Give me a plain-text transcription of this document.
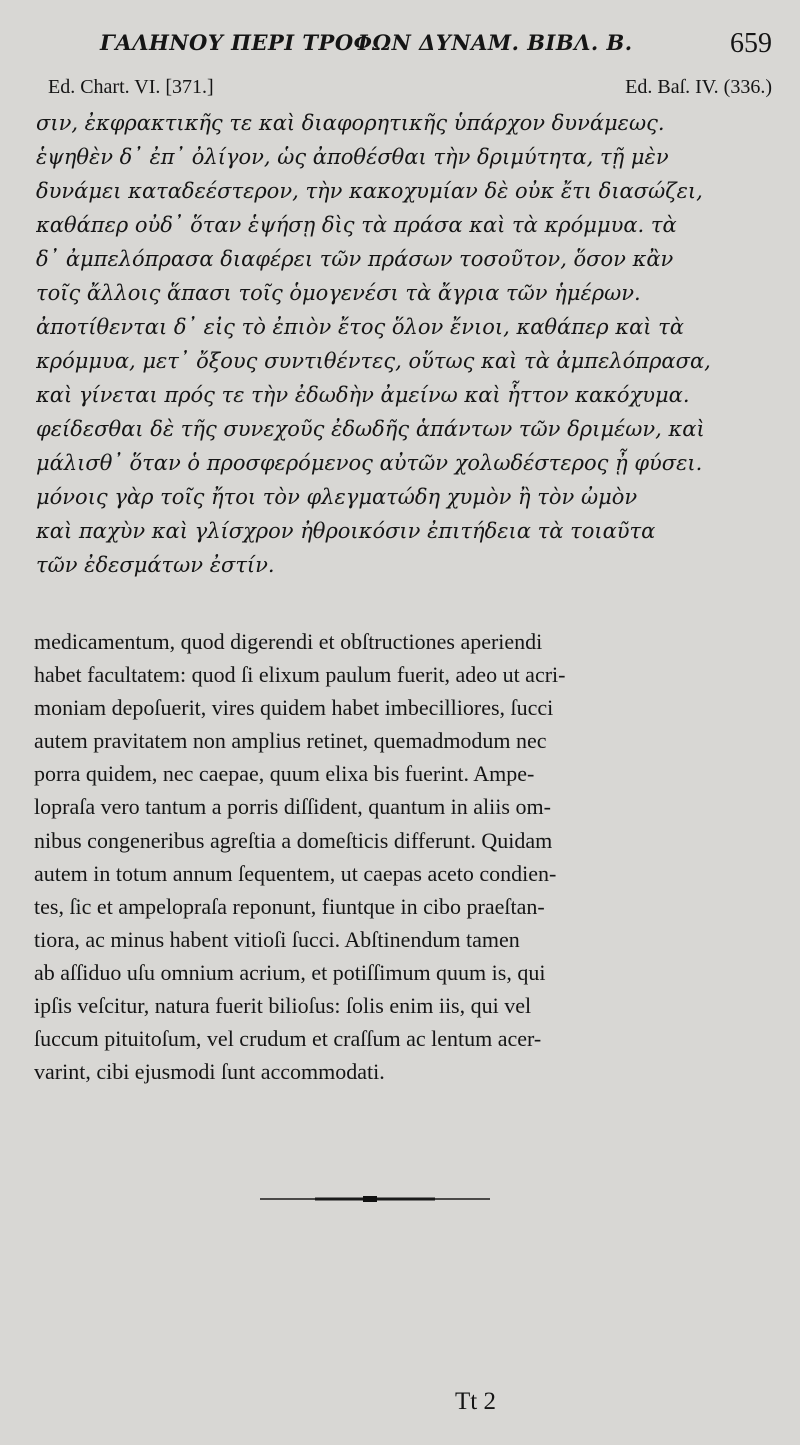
ΓΑΛΗΝΟΥ ΠΕΡΙ ΤΡΟΦΩΝ ΔΥΝΑΜ. ΒΙΒΛ. Β.	659
Ed. Chart. VI. [371.]	Ed. Baſ. IV. (336.)
σιν, ἐκφρακτικῆς τε καὶ διαφορητικῆς ὑπάρχον δυνάμεως.
ἑψηθὲν δ᾽ ἐπ᾽ ὀλίγον, ὡς ἀποθέσθαι τὴν δριμύτητα, τῇ μὲν
δυνάμει καταδεέστερον, τὴν κακοχυμίαν δὲ οὐκ ἔτι διασώζει,
καθάπερ οὐδ᾽ ὅταν ἑψήσῃ δὶς τὰ πράσα καὶ τὰ κρόμμυα. τὰ
δ᾽ ἀμπελόπρασα διαφέρει τῶν πράσων τοσοῦτον, ὅσον κἂν
τοῖς ἄλλοις ἅπασι τοῖς ὁμογενέσι τὰ ἄγρια τῶν ἡμέρων.
ἀποτίθενται δ᾽ εἰς τὸ ἐπιὸν ἔτος ὅλον ἔνιοι, καθάπερ καὶ τὰ
κρόμμυα, μετ᾽ ὄξους συντιθέντες, οὕτως καὶ τὰ ἀμπελόπρασα,
καὶ γίνεται πρός τε τὴν ἐδωδὴν ἀμείνω καὶ ἧττον κακόχυμα.
φείδεσθαι δὲ τῆς συνεχοῦς ἐδωδῆς ἁπάντων τῶν δριμέων, καὶ
μάλισθ᾽ ὅταν ὁ προσφερόμενος αὐτῶν χολωδέστερος ᾖ φύσει.
μόνοις γὰρ τοῖς ἤτοι τὸν φλεγματώδη χυμὸν ἢ τὸν ὠμὸν
καὶ παχὺν καὶ γλίσχρον ἠθροικόσιν ἐπιτήδεια τὰ τοιαῦτα
τῶν ἐδεσμάτων ἐστίν.
medicamentum, quod digerendi et obſtructiones aperiendi
habet facultatem: quod ſi elixum paulum fuerit, adeo ut acri-
moniam depoſuerit, vires quidem habet imbecilliores, ſucci
autem pravitatem non amplius retinet, quemadmodum nec
porra quidem, nec caepae, quum elixa bis fuerint. Ampe-
lopraſa vero tantum a porris diſſident, quantum in aliis om-
nibus congeneribus agreſtia a domeſticis differunt. Quidam
autem in totum annum ſequentem, ut caepas aceto condien-
tes, ſic et ampelopraſa reponunt, fiuntque in cibo praeſtan-
tiora, ac minus habent vitioſi ſucci. Abſtinendum tamen
ab aſſiduo uſu omnium acrium, et potiſſimum quum is, qui
ipſis veſcitur, natura fuerit bilioſus: ſolis enim iis, qui vel
ſuccum pituitoſum, vel crudum et craſſum ac lentum acer-
varint, cibi ejusmodi ſunt accommodati.
Tt 2
